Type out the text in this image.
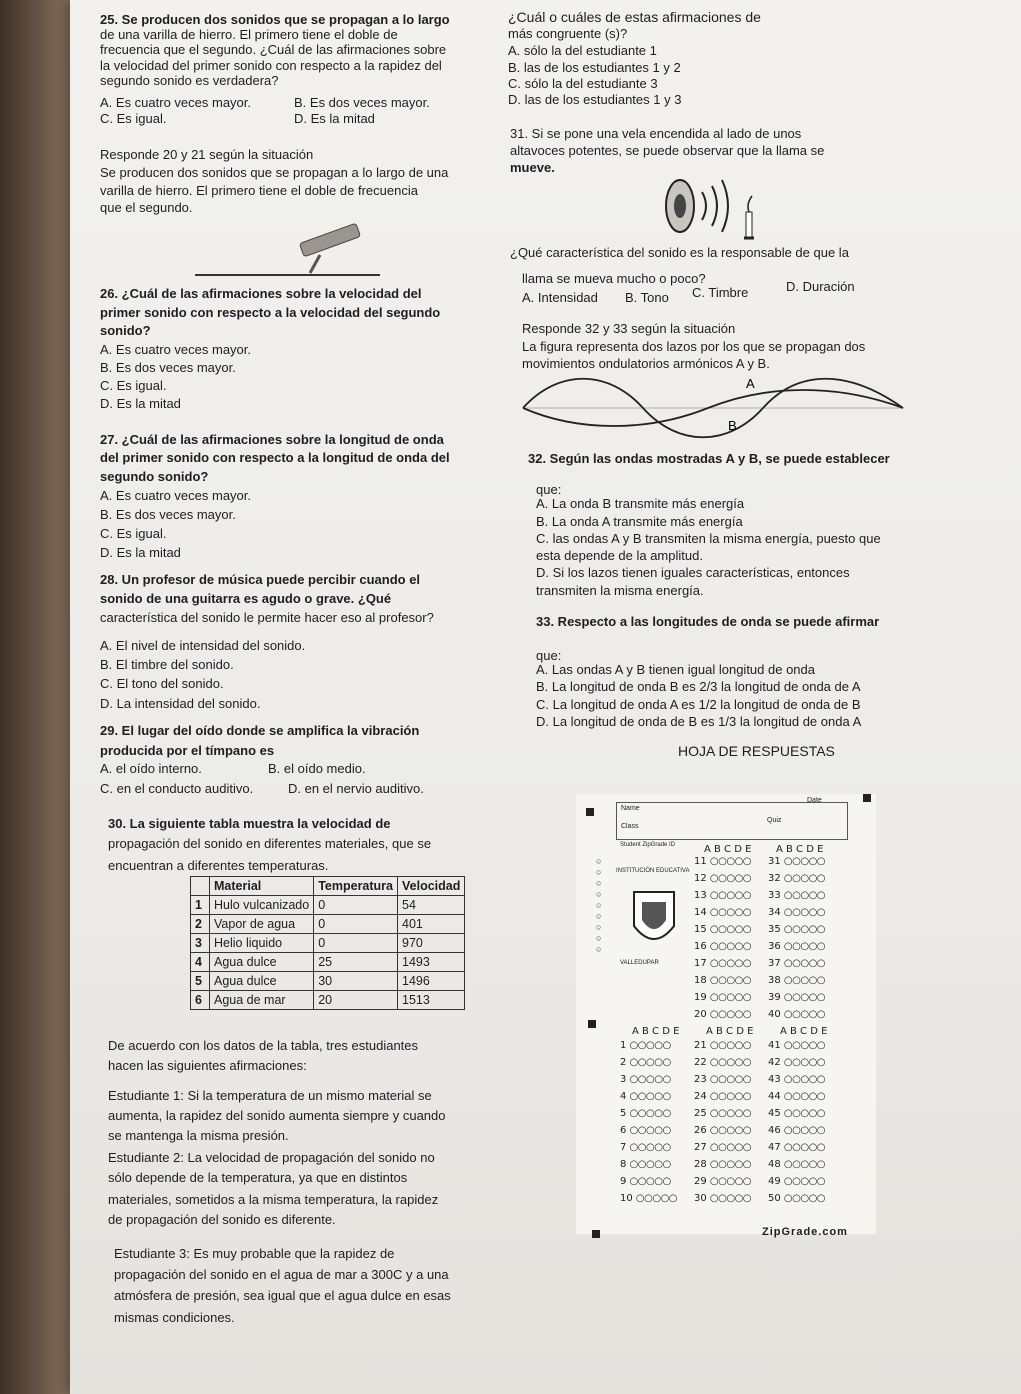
25. Se producen dos sonidos que se propagan a lo largo
de una varilla de hierro. El primero tiene el doble de
frecuencia que el segundo. ¿Cuál de las afirmaciones sobre
la velocidad del primer sonido con respecto a la rapidez del
segundo sonido es verdadera?
A. Es cuatro veces mayor.	B. Es dos veces mayor.
C. Es igual.	D. Es la mitad
Responde 20 y 21 según la situación
Se producen dos sonidos que se propagan a lo largo de una
varilla de hierro. El primero tiene el doble de frecuencia
que el segundo.
26. ¿Cuál de las afirmaciones sobre la velocidad del
primer sonido con respecto a la velocidad del segundo
sonido?
A. Es cuatro veces mayor.
B. Es dos veces mayor.
C. Es igual.
D. Es la mitad
27. ¿Cuál de las afirmaciones sobre la longitud de onda
del primer sonido con respecto a la longitud de onda del
segundo sonido?
A. Es cuatro veces mayor.
B. Es dos veces mayor.
C. Es igual.
D. Es la mitad
28. Un profesor de música puede percibir cuando el
sonido de una guitarra es agudo o grave. ¿Qué
característica del sonido le permite hacer eso al profesor?
A. El nivel de intensidad del sonido.
B. El timbre del sonido.
C. El tono del sonido.
D. La intensidad del sonido.
29. El lugar del oído donde se amplifica la vibración
producida por el tímpano es
A. el oído interno.	B. el oído medio.
C. en el conducto auditivo.	D. en el nervio auditivo.
30. La siguiente tabla muestra la velocidad de
propagación del sonido en diferentes materiales, que se
encuentran a diferentes temperaturas.
	Material	Temperatura	Velocidad
1	Hulo vulcanizado	0	54
2	Vapor de agua	0	401
3	Helio liquido	0	970
4	Agua dulce	25	1493
5	Agua dulce	30	1496
6	Agua de mar	20	1513
De acuerdo con los datos de la tabla, tres estudiantes
hacen las siguientes afirmaciones:
Estudiante 1: Si la temperatura de un mismo material se
aumenta, la rapidez del sonido aumenta siempre y cuando
se mantenga la misma presión.
Estudiante 2: La velocidad de propagación del sonido no
sólo depende de la temperatura, ya que en distintos
materiales, sometidos a la misma temperatura, la rapidez
de propagación del sonido es diferente.
Estudiante 3: Es muy probable que la rapidez de
propagación del sonido en el agua de mar a 300C y a una
atmósfera de presión, sea igual que el agua dulce en esas
mismas condiciones.
¿Cuál o cuáles de estas afirmaciones de
más congruente (s)?
A. sólo la del estudiante 1
B. las de los estudiantes 1 y 2
C. sólo la del estudiante 3
D. las de los estudiantes 1 y 3
31. Si se pone una vela encendida al lado de unos
altavoces potentes, se puede observar que la llama se
mueve.
¿Qué característica del sonido es la responsable de que la
llama se mueva mucho o poco?
A. Intensidad B. Tono C. Timbre	D. Duración
Responde 32 y 33 según la situación
La figura representa dos lazos por los que se propagan dos
movimientos ondulatorios armónicos A y B.
A
B
32. Según las ondas mostradas A y B, se puede establecer
que:
A. La onda B transmite más energía
B. La onda A transmite más energía
C. las ondas A y B transmiten la misma energía, puesto que
esta depende de la amplitud.
D. Si los lazos tienen iguales características, entonces
transmiten la misma energía.
33. Respecto a las longitudes de onda se puede afirmar
que:
A. Las ondas A y B tienen igual longitud de onda
B. La longitud de onda B es 2/3 la longitud de onda de A
C. La longitud de onda A es 1/2 la longitud de onda de B
D. La longitud de onda de B es 1/3 la longitud de onda A
HOJA DE RESPUESTAS
Name
Date
Class
Quiz
Student ZipGrade ID
○
○
○
○
○
○
○
○
○
INSTITUCIÓN EDUCATIVA
VALLEDUPAR
A B C D E A B C D E
11 ○○○○○ 31 ○○○○○
12 ○○○○○ 32 ○○○○○
13 ○○○○○ 33 ○○○○○
14 ○○○○○ 34 ○○○○○
15 ○○○○○ 35 ○○○○○
16 ○○○○○ 36 ○○○○○
17 ○○○○○ 37 ○○○○○
18 ○○○○○ 38 ○○○○○
19 ○○○○○ 39 ○○○○○
20 ○○○○○ 40 ○○○○○
1 ○○○○○ 21 ○○○○○ 41 ○○○○○
2 ○○○○○ 22 ○○○○○ 42 ○○○○○
3 ○○○○○ 23 ○○○○○ 43 ○○○○○
4 ○○○○○ 24 ○○○○○ 44 ○○○○○
5 ○○○○○ 25 ○○○○○ 45 ○○○○○
6 ○○○○○ 26 ○○○○○ 46 ○○○○○
7 ○○○○○ 27 ○○○○○ 47 ○○○○○
8 ○○○○○ 28 ○○○○○ 48 ○○○○○
9 ○○○○○ 29 ○○○○○ 49 ○○○○○
10 ○○○○○ 30 ○○○○○ 50 ○○○○○
A B C D E	A B C D E	A B C D E
ZipGrade.com
